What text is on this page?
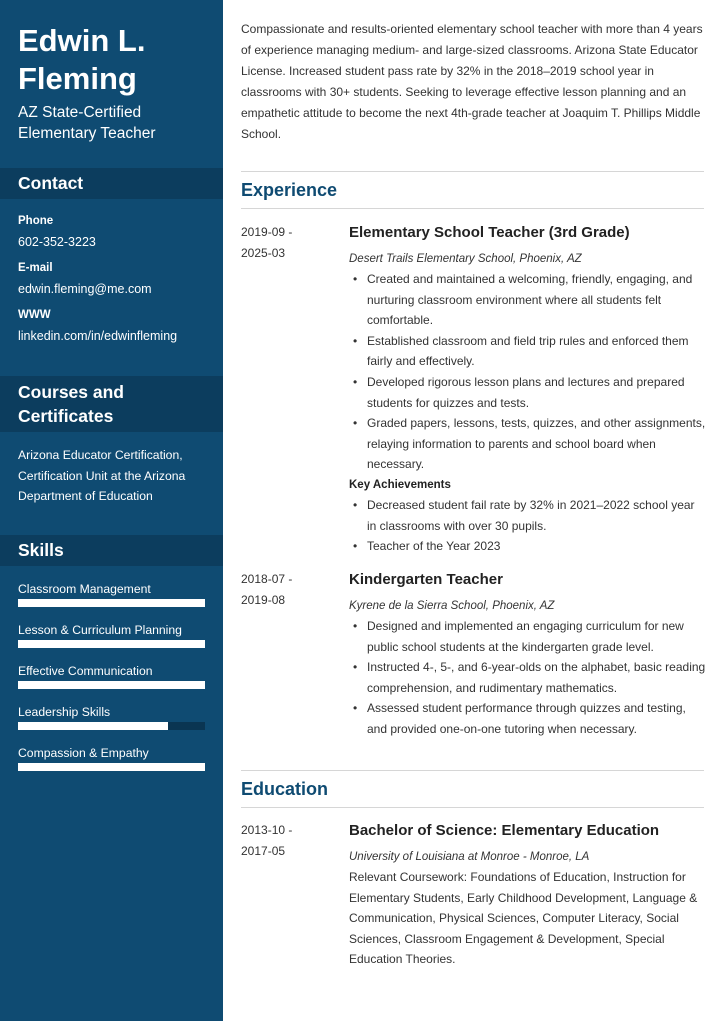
Edwin L. Fleming
AZ State-Certified Elementary Teacher
Contact
Phone
602-352-3223
E-mail
edwin.fleming@me.com
WWW
linkedin.com/in/edwinfleming
Courses and Certificates
Arizona Educator Certification, Certification Unit at the Arizona Department of Education
Skills
Classroom Management
Lesson & Curriculum Planning
Effective Communication
Leadership Skills
Compassion & Empathy
Compassionate and results-oriented elementary school teacher with more than 4 years of experience managing medium- and large-sized classrooms. Arizona State Educator License. Increased student pass rate by 32% in the 2018–2019 school year in classrooms with 30+ students. Seeking to leverage effective lesson planning and an empathetic attitude to become the next 4th-grade teacher at Joaquim T. Phillips Middle School.
Experience
2019-09 -
2025-03
Elementary School Teacher (3rd Grade)
Desert Trails Elementary School, Phoenix, AZ
• Created and maintained a welcoming, friendly, engaging, and nurturing classroom environment where all students felt comfortable.
• Established classroom and field trip rules and enforced them fairly and effectively.
• Developed rigorous lesson plans and lectures and prepared students for quizzes and tests.
• Graded papers, lessons, tests, quizzes, and other assignments, relaying information to parents and school board when necessary.
Key Achievements
• Decreased student fail rate by 32% in 2021–2022 school year in classrooms with over 30 pupils.
• Teacher of the Year 2023
2018-07 -
2019-08
Kindergarten Teacher
Kyrene de la Sierra School, Phoenix, AZ
• Designed and implemented an engaging curriculum for new public school students at the kindergarten grade level.
• Instructed 4-, 5-, and 6-year-olds on the alphabet, basic reading comprehension, and rudimentary mathematics.
• Assessed student performance through quizzes and testing, and provided one-on-one tutoring when necessary.
Education
2013-10 -
2017-05
Bachelor of Science: Elementary Education
University of Louisiana at Monroe - Monroe, LA
Relevant Coursework: Foundations of Education, Instruction for Elementary Students, Early Childhood Development, Language & Communication, Physical Sciences, Computer Literacy, Social Sciences, Classroom Engagement & Development, Special Education Theories.
